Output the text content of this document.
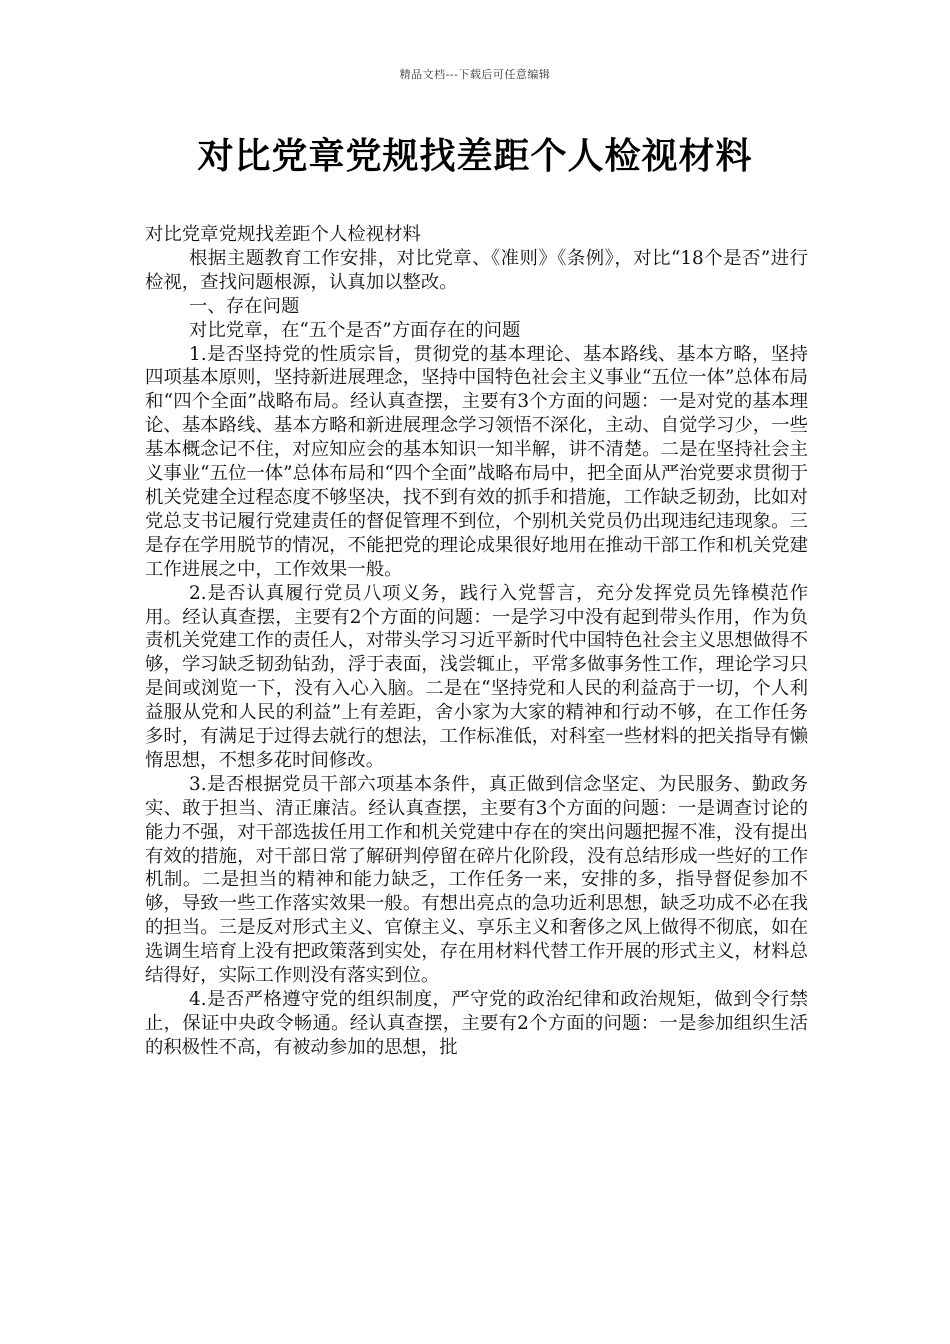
精品文档---下载后可任意编辑
对比党章党规找差距个人检视材料

对比党章党规找差距个人检视材料

根据主题教育工作安排，对比党章、《准则》《条例》，对比“18个是否”进行检视，查找问题根源，认真加以整改。

一、存在问题

对比党章，在“五个是否”方面存在的问题

1.是否坚持党的性质宗旨，贯彻党的基本理论、基本路线、基本方略，坚持四项基本原则，坚持新进展理念，坚持中国特色社会主义事业“五位一体”总体布局和“四个全面”战略布局。经认真查摆，主要有3个方面的问题：一是对党的基本理论、基本路线、基本方略和新进展理念学习领悟不深化，主动、自觉学习少，一些基本概念记不住，对应知应会的基本知识一知半解，讲不清楚。二是在坚持社会主义事业“五位一体”总体布局和“四个全面”战略布局中，把全面从严治党要求贯彻于机关党建全过程态度不够坚决，找不到有效的抓手和措施，工作缺乏韧劲，比如对党总支书记履行党建责任的督促管理不到位，个别机关党员仍出现违纪违现象。三是存在学用脱节的情况，不能把党的理论成果很好地用在推动干部工作和机关党建工作进展之中，工作效果一般。

2.是否认真履行党员八项义务，践行入党誓言，充分发挥党员先锋模范作用。经认真查摆，主要有2个方面的问题：一是学习中没有起到带头作用，作为负责机关党建工作的责任人，对带头学习习近平新时代中国特色社会主义思想做得不够，学习缺乏韧劲钻劲，浮于表面，浅尝辄止，平常多做事务性工作，理论学习只是间或浏览一下，没有入心入脑。二是在“坚持党和人民的利益高于一切，个人利益服从党和人民的利益”上有差距，舍小家为大家的精神和行动不够，在工作任务多时，有满足于过得去就行的想法，工作标准低，对科室一些材料的把关指导有懒惰思想，不想多花时间修改。

3.是否根据党员干部六项基本条件，真正做到信念坚定、为民服务、勤政务实、敢于担当、清正廉洁。经认真查摆，主要有3个方面的问题：一是调查讨论的能力不强，对干部选拔任用工作和机关党建中存在的突出问题把握不准，没有提出有效的措施，对干部日常了解研判停留在碎片化阶段，没有总结形成一些好的工作机制。二是担当的精神和能力缺乏，工作任务一来，安排的多，指导督促参加不够，导致一些工作落实效果一般。有想出亮点的急功近利思想，缺乏功成不必在我的担当。三是反对形式主义、官僚主义、享乐主义和奢侈之风上做得不彻底，如在选调生培育上没有把政策落到实处，存在用材料代替工作开展的形式主义，材料总结得好，实际工作则没有落实到位。

4.是否严格遵守党的组织制度，严守党的政治纪律和政治规矩，做到令行禁止，保证中央政令畅通。经认真查摆，主要有2个方面的问题：一是参加组织生活的积极性不高，有被动参加的思想，批
